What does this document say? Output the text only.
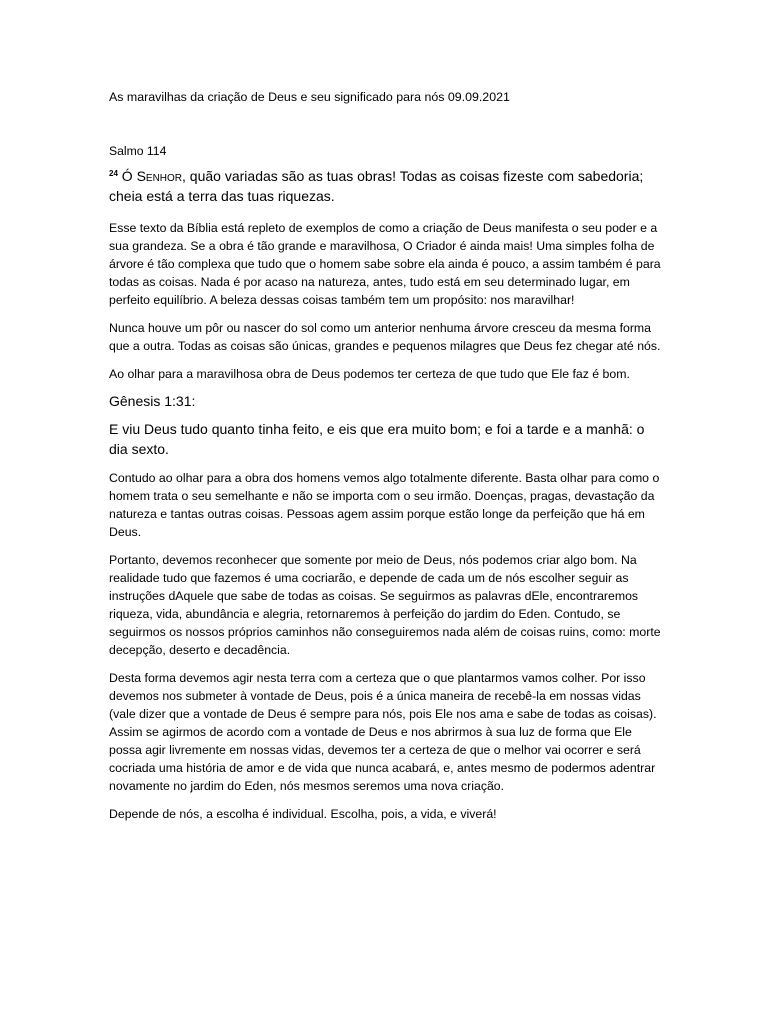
As maravilhas da criação de Deus e seu significado para nós 09.09.2021

Salmo 114

$^{24}$ Ó Senhor, quão variadas são as tuas obras! Todas as coisas fizeste com sabedoria; cheia está a terra das tuas riquezas.

Esse texto da Bíblia está repleto de exemplos de como a criação de Deus manifesta o seu poder e a sua grandeza. Se a obra é tão grande e maravilhosa, O Criador é ainda mais! Uma simples folha de árvore é tão complexa que tudo que o homem sabe sobre ela ainda é pouco, a assim também é para todas as coisas. Nada é por acaso na natureza, antes, tudo está em seu determinado lugar, em perfeito equilíbrio. A beleza dessas coisas também tem um propósito: nos maravilhar!

Nunca houve um pôr ou nascer do sol como um anterior nenhuma árvore cresceu da mesma forma que a outra. Todas as coisas são únicas, grandes e pequenos milagres que Deus fez chegar até nós.

Ao olhar para a maravilhosa obra de Deus podemos ter certeza de que tudo que Ele faz é bom.

Gênesis 1:31:

E viu Deus tudo quanto tinha feito, e eis que era muito bom; e foi a tarde e a manhã: o dia sexto.

Contudo ao olhar para a obra dos homens vemos algo totalmente diferente. Basta olhar para como o homem trata o seu semelhante e não se importa com o seu irmão. Doenças, pragas, devastação da natureza e tantas outras coisas. Pessoas agem assim porque estão longe da perfeição que há em Deus.

Portanto, devemos reconhecer que somente por meio de Deus, nós podemos criar algo bom. Na realidade tudo que fazemos é uma cocriarão, e depende de cada um de nós escolher seguir as instruções dAquele que sabe de todas as coisas. Se seguirmos as palavras dEle, encontraremos riqueza, vida, abundância e alegria, retornaremos à perfeição do jardim do Eden. Contudo, se seguirmos os nossos próprios caminhos não conseguiremos nada além de coisas ruins, como: morte decepção, deserto e decadência.

Desta forma devemos agir nesta terra com a certeza que o que plantarmos vamos colher. Por isso devemos nos submeter à vontade de Deus, pois é a única maneira de recebê-la em nossas vidas (vale dizer que a vontade de Deus é sempre para nós, pois Ele nos ama e sabe de todas as coisas). Assim se agirmos de acordo com a vontade de Deus e nos abrirmos à sua luz de forma que Ele possa agir livremente em nossas vidas, devemos ter a certeza de que o melhor vai ocorrer e será cocriada uma história de amor e de vida que nunca acabará, e, antes mesmo de podermos adentrar novamente no jardim do Eden, nós mesmos seremos uma nova criação.

Depende de nós, a escolha é individual. Escolha, pois, a vida, e viverá!
